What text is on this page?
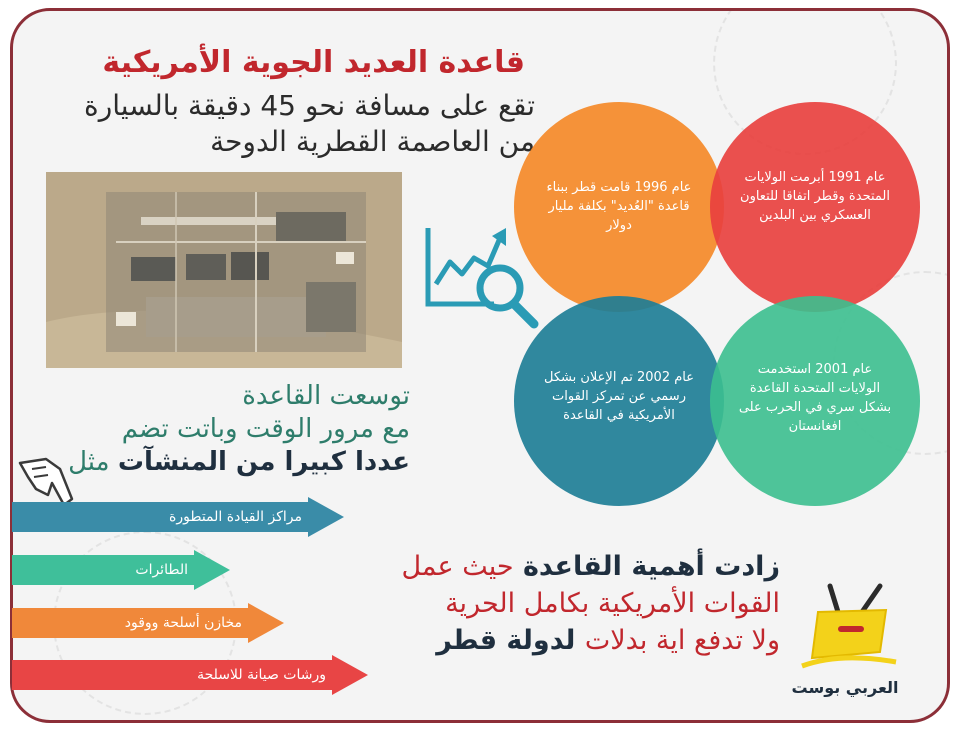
قاعدة العديد الجوية الأمريكية
تقع على مسافة نحو 45 دقيقة بالسيارة
من العاصمة القطرية الدوحة
توسعت القاعدة
مع مرور الوقت وباتت تضم
عددا كبيرا من المنشآت مثل
مراكز القيادة المتطورة
الطائرات
مخازن أسلحة ووقود
ورشات صيانة للاسلحة
عام 1996 قامت قطر ببناء قاعدة "العُديد" بكلفة مليار دولار
عام 1991 أبرمت الولايات المتحدة وقطر اتفاقا للتعاون العسكري بين البلدين
عام 2002 تم الإعلان بشكل رسمي عن تمركز القوات الأمريكية في القاعدة
عام 2001 استخدمت الولايات المتحدة القاعدة بشكل سري في الحرب على افغانستان
زادت أهمية القاعدة حيث عمل
القوات الأمريكية بكامل الحرية
ولا تدفع اية بدلات لدولة قطر
العربي بوست
